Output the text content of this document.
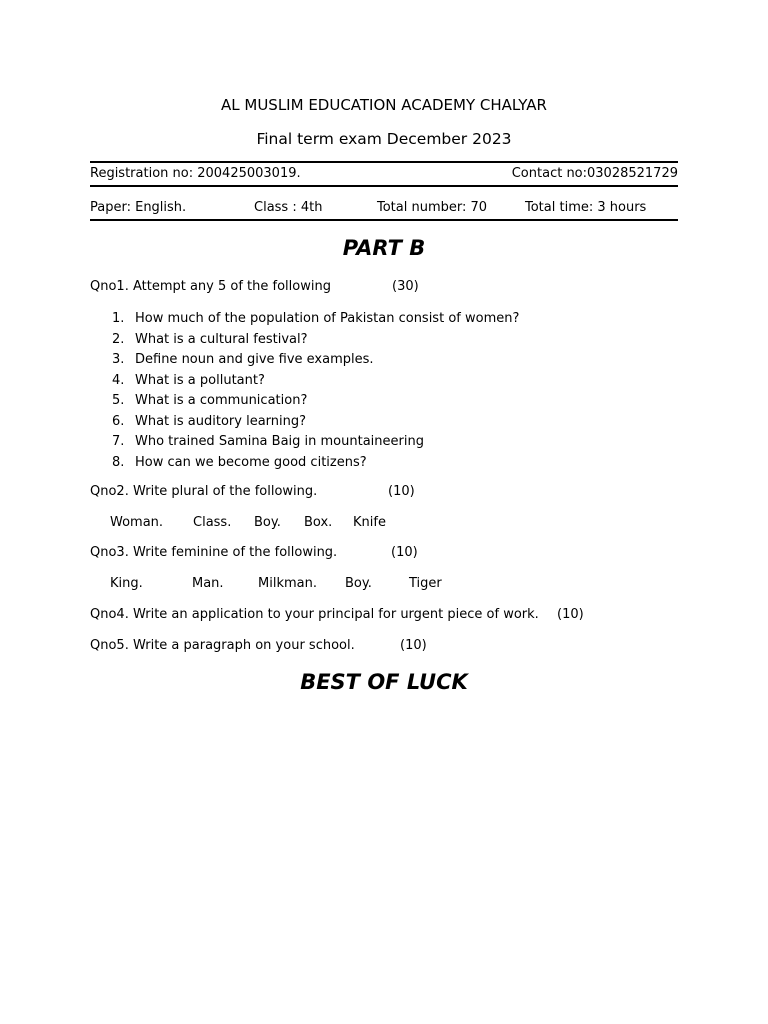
AL MUSLIM EDUCATION ACADEMY CHALYAR
Final term exam December 2023
Registration no: 200425003019.	Contact no:03028521729
Paper: English.	Class : 4th	Total number: 70	Total time: 3 hours
PART B
Qno1. Attempt any 5 of the following	(30)
1. How much of the population of Pakistan consist of women?
2. What is a cultural festival?
3. Define noun and give five examples.
4. What is a pollutant?
5. What is a communication?
6. What is auditory learning?
7. Who trained Samina Baig in mountaineering
8. How can we become good citizens?
Qno2. Write plural of the following.	(10)
Woman. Class. Boy. Box. Knife
Qno3. Write feminine of the following.	(10)
King.	Man.	Milkman. Boy.	Tiger
Qno4. Write an application to your principal for urgent piece of work. (10)
Qno5. Write a paragraph on your school.	(10)
BEST OF LUCK
